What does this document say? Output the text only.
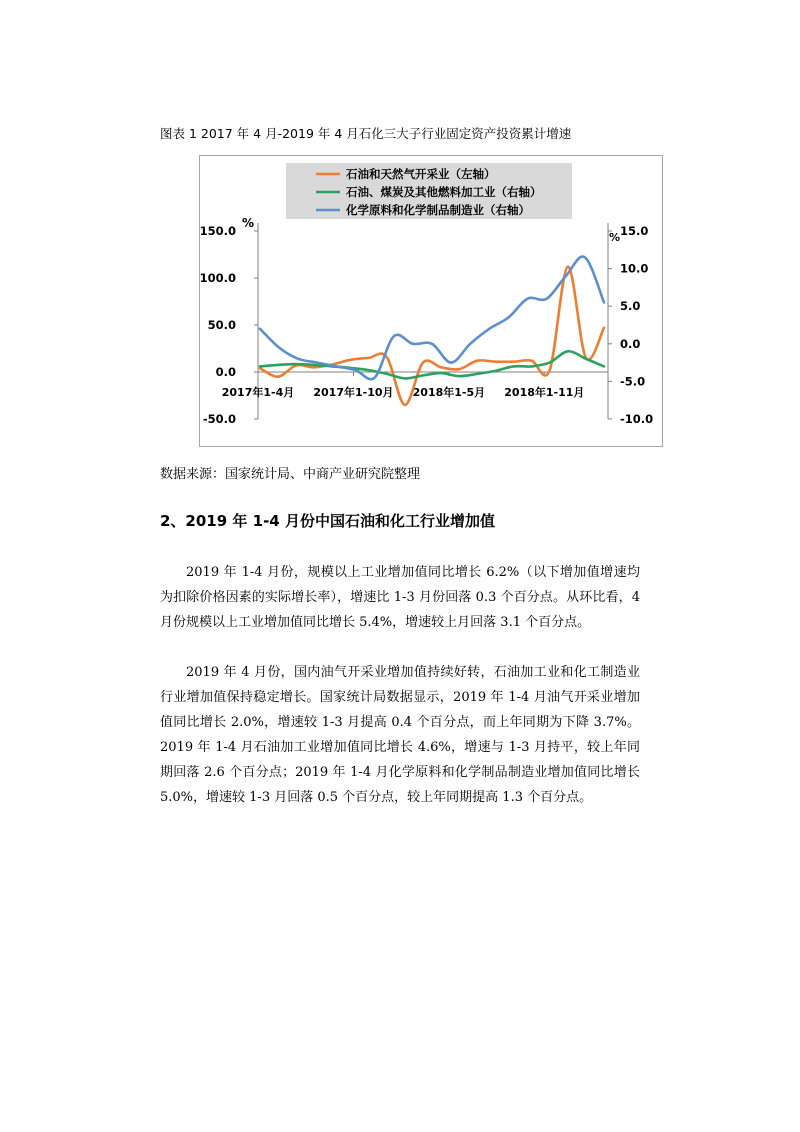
图表 1 2017 年 4 月-2019 年 4 月石化三大子行业固定资产投资累计增速
石油和天然气开采业（左轴）
石油、煤炭及其他燃料加工业（右轴）
化学原料和化学制品制造业（右轴）
%
%
150.0
100.0
50.0
0.0
-50.0
15.0
10.0
5.0
0.0
-5.0
-10.0
2017年1-4月 2017年1-10月 2018年1-5月 2018年1-11月
数据来源：国家统计局、中商产业研究院整理
2、2019 年 1-4 月份中国石油和化工行业增加值

2019 年 1-4 月份，规模以上工业增加值同比增长 6.2%（以下增加值增速均为扣除价格因素的实际增长率），增速比 1-3 月份回落 0.3 个百分点。从环比看，4 月份规模以上工业增加值同比增长 5.4%，增速较上月回落 3.1 个百分点。

2019 年 4 月份，国内油气开采业增加值持续好转，石油加工业和化工制造业行业增加值保持稳定增长。国家统计局数据显示，2019 年 1-4 月油气开采业增加值同比增长 2.0%，增速较 1-3 月提高 0.4 个百分点，而上年同期为下降 3.7%。2019 年 1-4 月石油加工业增加值同比增长 4.6%，增速与 1-3 月持平，较上年同期回落 2.6 个百分点；2019 年 1-4 月化学原料和化学制品制造业增加值同比增长 5.0%，增速较 1-3 月回落 0.5 个百分点，较上年同期提高 1.3 个百分点。
